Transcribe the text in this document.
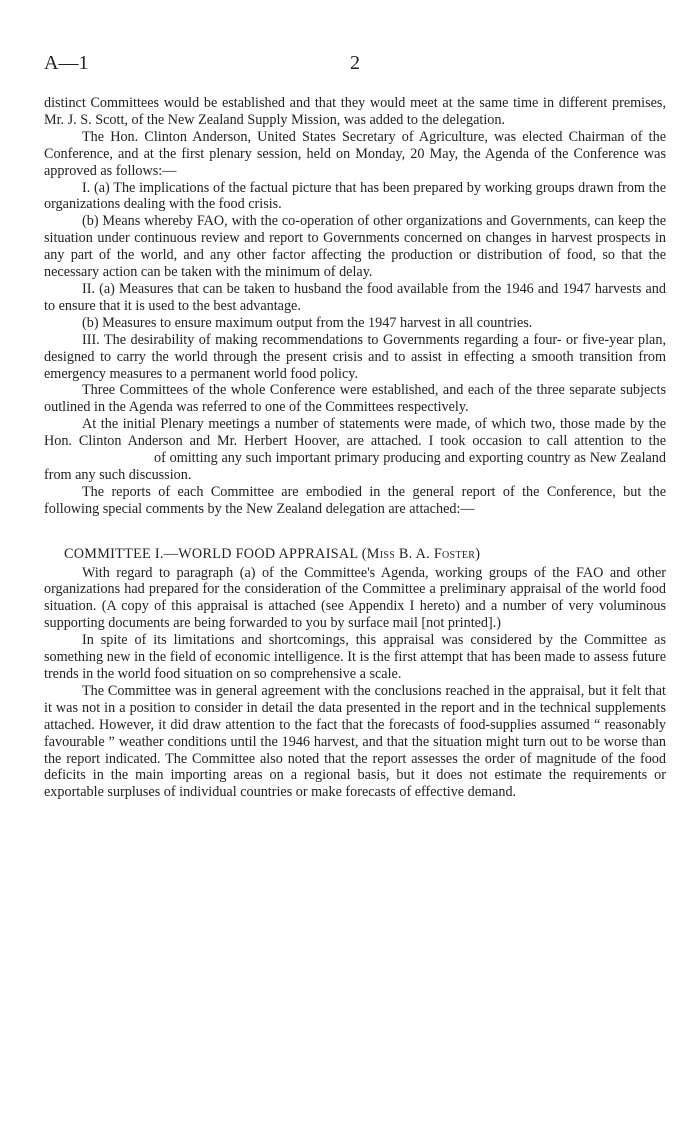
A—1	2

distinct Committees would be established and that they would meet at the same time in different premises, Mr. J. S. Scott, of the New Zealand Supply Mission, was added to the delegation.

The Hon. Clinton Anderson, United States Secretary of Agriculture, was elected Chairman of the Conference, and at the first plenary session, held on Monday, 20 May, the Agenda of the Conference was approved as follows:—

I. (a) The implications of the factual picture that has been prepared by working groups drawn from the organizations dealing with the food crisis.

(b) Means whereby FAO, with the co-operation of other organizations and Governments, can keep the situation under continuous review and report to Governments concerned on changes in harvest prospects in any part of the world, and any other factor affecting the production or distribution of food, so that the necessary action can be taken with the minimum of delay.

II. (a) Measures that can be taken to husband the food available from the 1946 and 1947 harvests and to ensure that it is used to the best advantage.

(b) Measures to ensure maximum output from the 1947 harvest in all countries.

III. The desirability of making recommendations to Governments regarding a four- or five-year plan, designed to carry the world through the present crisis and to assist in effecting a smooth transition from emergency measures to a permanent world food policy.

Three Committees of the whole Conference were established, and each of the three separate subjects outlined in the Agenda was referred to one of the Committees respectively.

At the initial Plenary meetings a number of statements were made, of which two, those made by the Hon. Clinton Anderson and Mr. Herbert Hoover, are attached. I took occasion to call attention to theof omitting any such important primary producing and exporting country as New Zealand from any such discussion.

The reports of each Committee are embodied in the general report of the Conference, but the following special comments by the New Zealand delegation are attached:—

COMMITTEE I.—WORLD FOOD APPRAISAL (Miss B. A. Foster)

With regard to paragraph (a) of the Committee's Agenda, working groups of the FAO and other organizations had prepared for the consideration of the Committee a preliminary appraisal of the world food situation. (A copy of this appraisal is attached (see Appendix I hereto) and a number of very voluminous supporting documents are being forwarded to you by surface mail [not printed].)

In spite of its limitations and shortcomings, this appraisal was considered by the Committee as something new in the field of economic intelligence. It is the first attempt that has been made to assess future trends in the world food situation on so comprehensive a scale.

The Committee was in general agreement with the conclusions reached in the appraisal, but it felt that it was not in a position to consider in detail the data presented in the report and in the technical supplements attached. However, it did draw attention to the fact that the forecasts of food-supplies assumed “ reasonably favourable ” weather conditions until the 1946 harvest, and that the situation might turn out to be worse than the report indicated. The Committee also noted that the report assesses the order of magnitude of the food deficits in the main importing areas on a regional basis, but it does not estimate the requirements or exportable surpluses of individual countries or make forecasts of effective demand.
